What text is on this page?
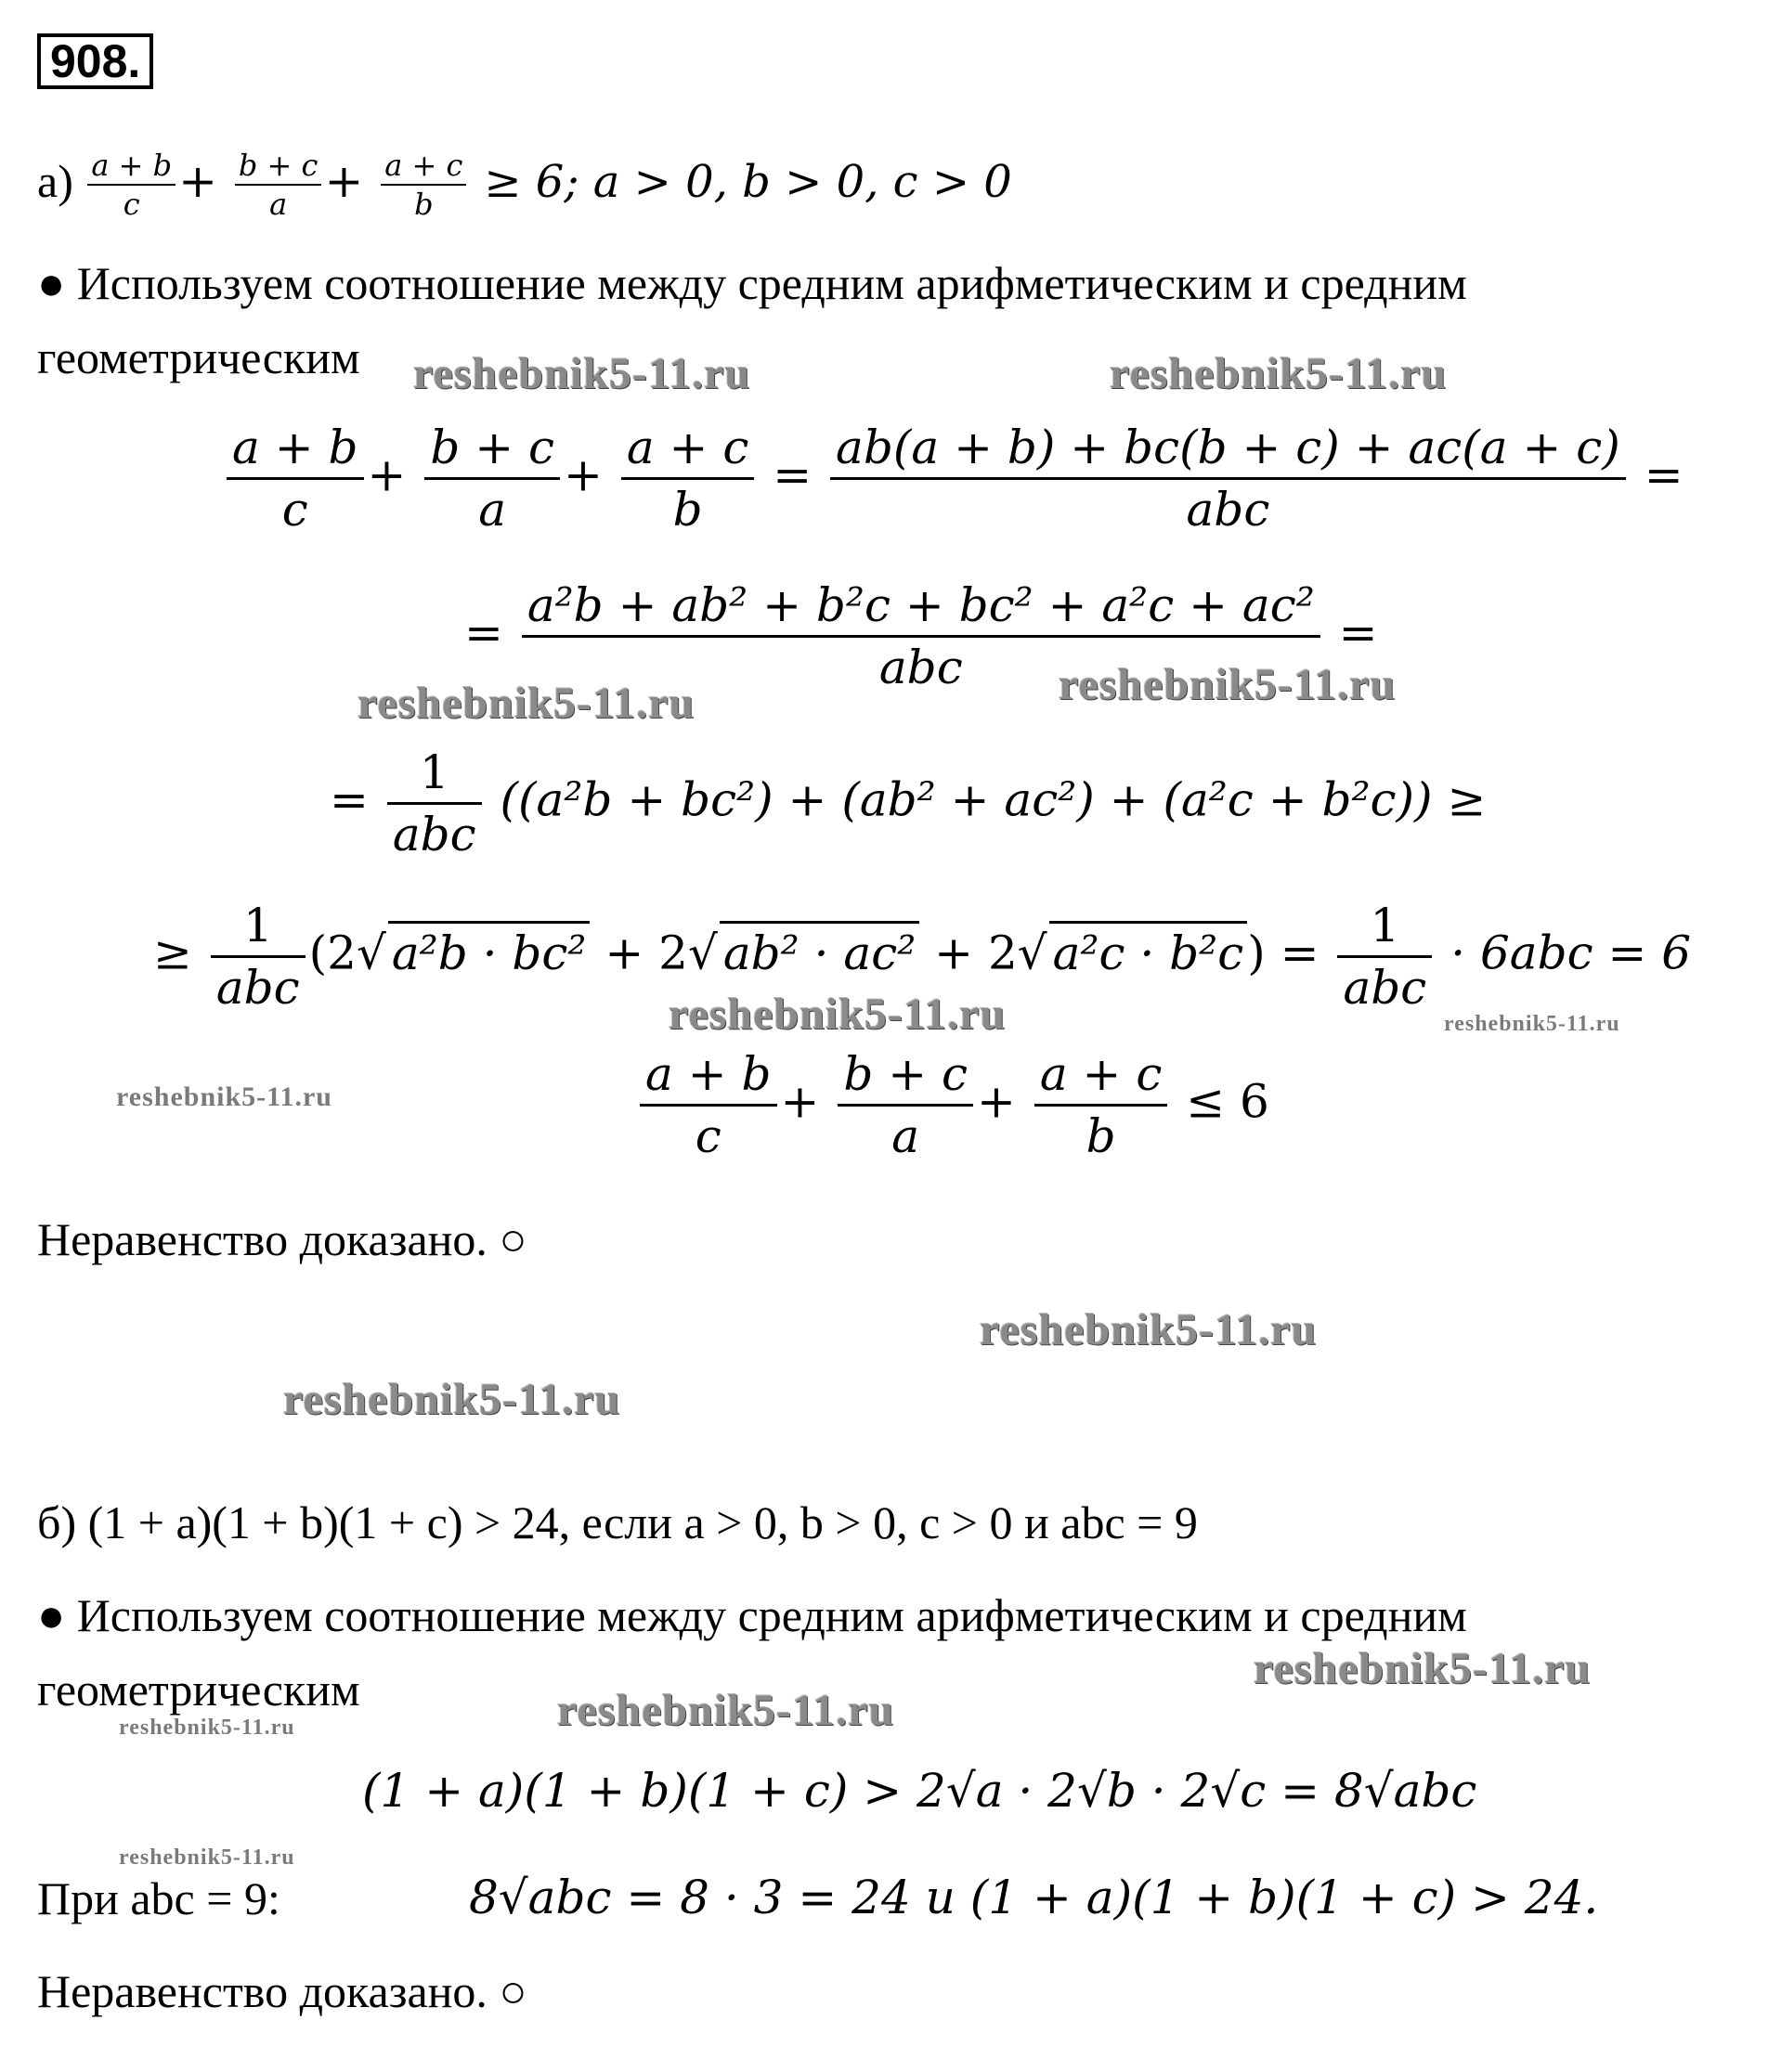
908.
$а) \frac{a + b}{c} + \frac{b + c}{a} + \frac{a + c}{b} \ge 6$; a > 0, b > 0, c > 0
● Используем соотношение между средним арифметическим и средним
геометрическим
$\frac{a + b}{c} + \frac{b + c}{a} + \frac{a + c}{b} = \frac{ab(a + b) + bc(b + c) + ac(a + c)}{\text{abc}}$ =
= $\frac{\text{a²b + ab² + b²c + bc² + a²c + ac²}}{\text{abc}}$ =
= $\frac{1}{\text{abc}} ((a^2b + bc^2) + (ab^2 + ac^2) + (a^2c + b^2c))$ ≥
≥ $\frac{1}{\text{abc}} (2√$ a²b · bc² + 2√ ab² · ac² + 2√ $a^2c \cdot b^2c) = \frac{1}{\text{abc}} \cdot 6abc = 6$
$\frac{a + b}{c} + \frac{b + c}{a} + \frac{a + c}{b} \le 6$
Неравенство доказано. ○
б) (1 + a)(1 + b)(1 + c) > 24, если a > 0, b > 0, c > 0 и abc = 9
● Используем соотношение между средним арифметическим и средним
геометрическим
(1 + a)(1 + b)(1 + c) > 2√a · 2√b · 2√c = 8√abc
При abc = 9:	8√abc = 8 · 3 = 24 и (1 + a)(1 + b)(1 + c) > 24.
Неравенство доказано. ○
reshebnik5-11.ru	reshebnik5-11.ru
reshebnik5-11.ru	reshebnik5-11.ru
reshebnik5-11.ru	reshebnik5-11.ru
reshebnik5-11.ru
reshebnik5-11.ru
reshebnik5-11.ru
reshebnik5-11.ru
reshebnik5-11.ru
reshebnik5-11.ru
reshebnik5-11.ru
